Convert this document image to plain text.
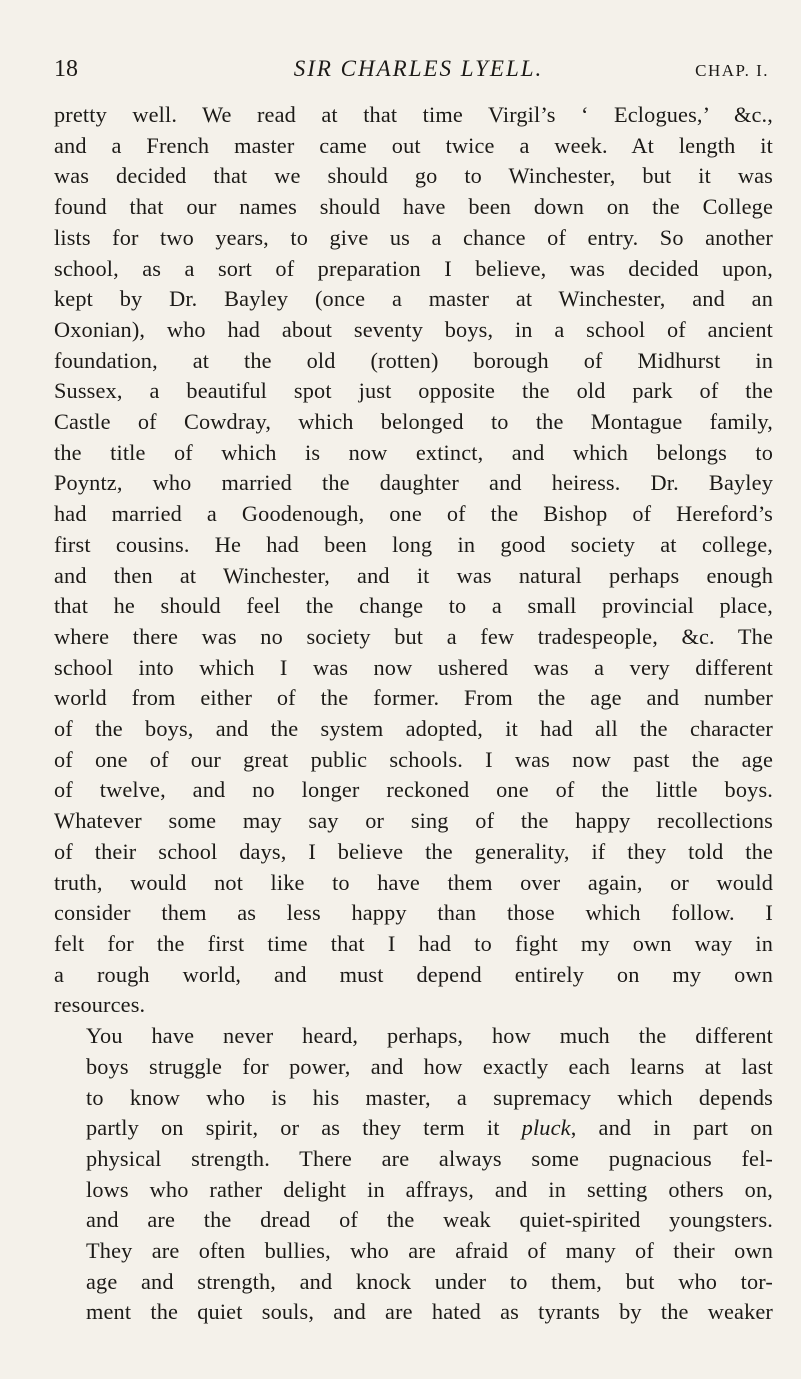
18	SIR CHARLES LYELL.	CHAP. I.

pretty well. We read at that time Virgil’s ‘ Eclogues,’ &c.,
and a French master came out twice a week. At length it
was decided that we should go to Winchester, but it was
found that our names should have been down on the College
lists for two years, to give us a chance of entry. So another
school, as a sort of preparation I believe, was decided upon,
kept by Dr. Bayley (once a master at Winchester, and an
Oxonian), who had about seventy boys, in a school of ancient
foundation, at the old (rotten) borough of Midhurst in
Sussex, a beautiful spot just opposite the old park of the
Castle of Cowdray, which belonged to the Montague family,
the title of which is now extinct, and which belongs to
Poyntz, who married the daughter and heiress. Dr. Bayley
had married a Goodenough, one of the Bishop of Hereford’s
first cousins. He had been long in good society at college,
and then at Winchester, and it was natural perhaps enough
that he should feel the change to a small provincial place,
where there was no society but a few tradespeople, &c. The
school into which I was now ushered was a very different
world from either of the former. From the age and number
of the boys, and the system adopted, it had all the character
of one of our great public schools. I was now past the age
of twelve, and no longer reckoned one of the little boys.
Whatever some may say or sing of the happy recollections
of their school days, I believe the generality, if they told the
truth, would not like to have them over again, or would
consider them as less happy than those which follow. I
felt for the first time that I had to fight my own way in
a rough world, and must depend entirely on my own
resources.

You have never heard, perhaps, how much the different
boys struggle for power, and how exactly each learns at last
to know who is his master, a supremacy which depends
partly on spirit, or as they term it pluck, and in part on
physical strength. There are always some pugnacious fel-
lows who rather delight in affrays, and in setting others on,
and are the dread of the weak quiet-spirited youngsters.
They are often bullies, who are afraid of many of their own
age and strength, and knock under to them, but who tor-
ment the quiet souls, and are hated as tyrants by the weaker
